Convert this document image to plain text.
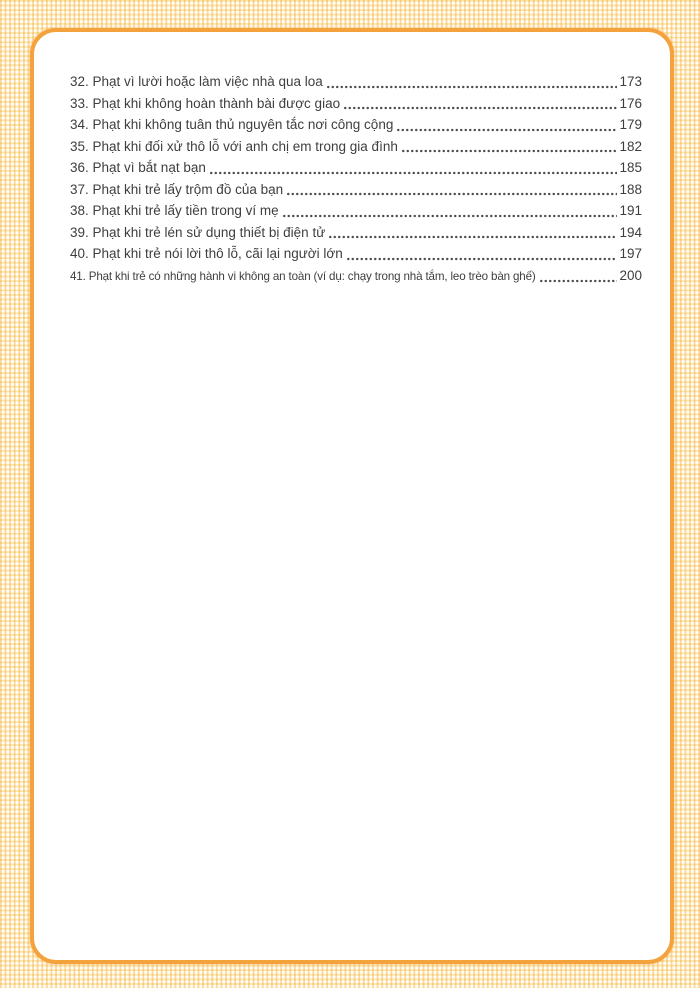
32. Phạt vì lười hoặc làm việc nhà qua loa	173
33. Phạt khi không hoàn thành bài được giao	176
34. Phạt khi không tuân thủ nguyên tắc nơi công cộng	179
35. Phạt khi đối xử thô lỗ với anh chị em trong gia đình	182
36. Phạt vì bắt nạt bạn	185
37. Phạt khi trẻ lấy trộm đồ của bạn	188
38. Phạt khi trẻ lấy tiền trong ví mẹ	191
39. Phạt khi trẻ lén sử dụng thiết bị điện tử	194
40. Phạt khi trẻ nói lời thô lỗ, cãi lại người lớn	197
41. Phạt khi trẻ có những hành vi không an toàn (ví dụ: chạy trong nhà tắm, leo trèo bàn ghế)	200
